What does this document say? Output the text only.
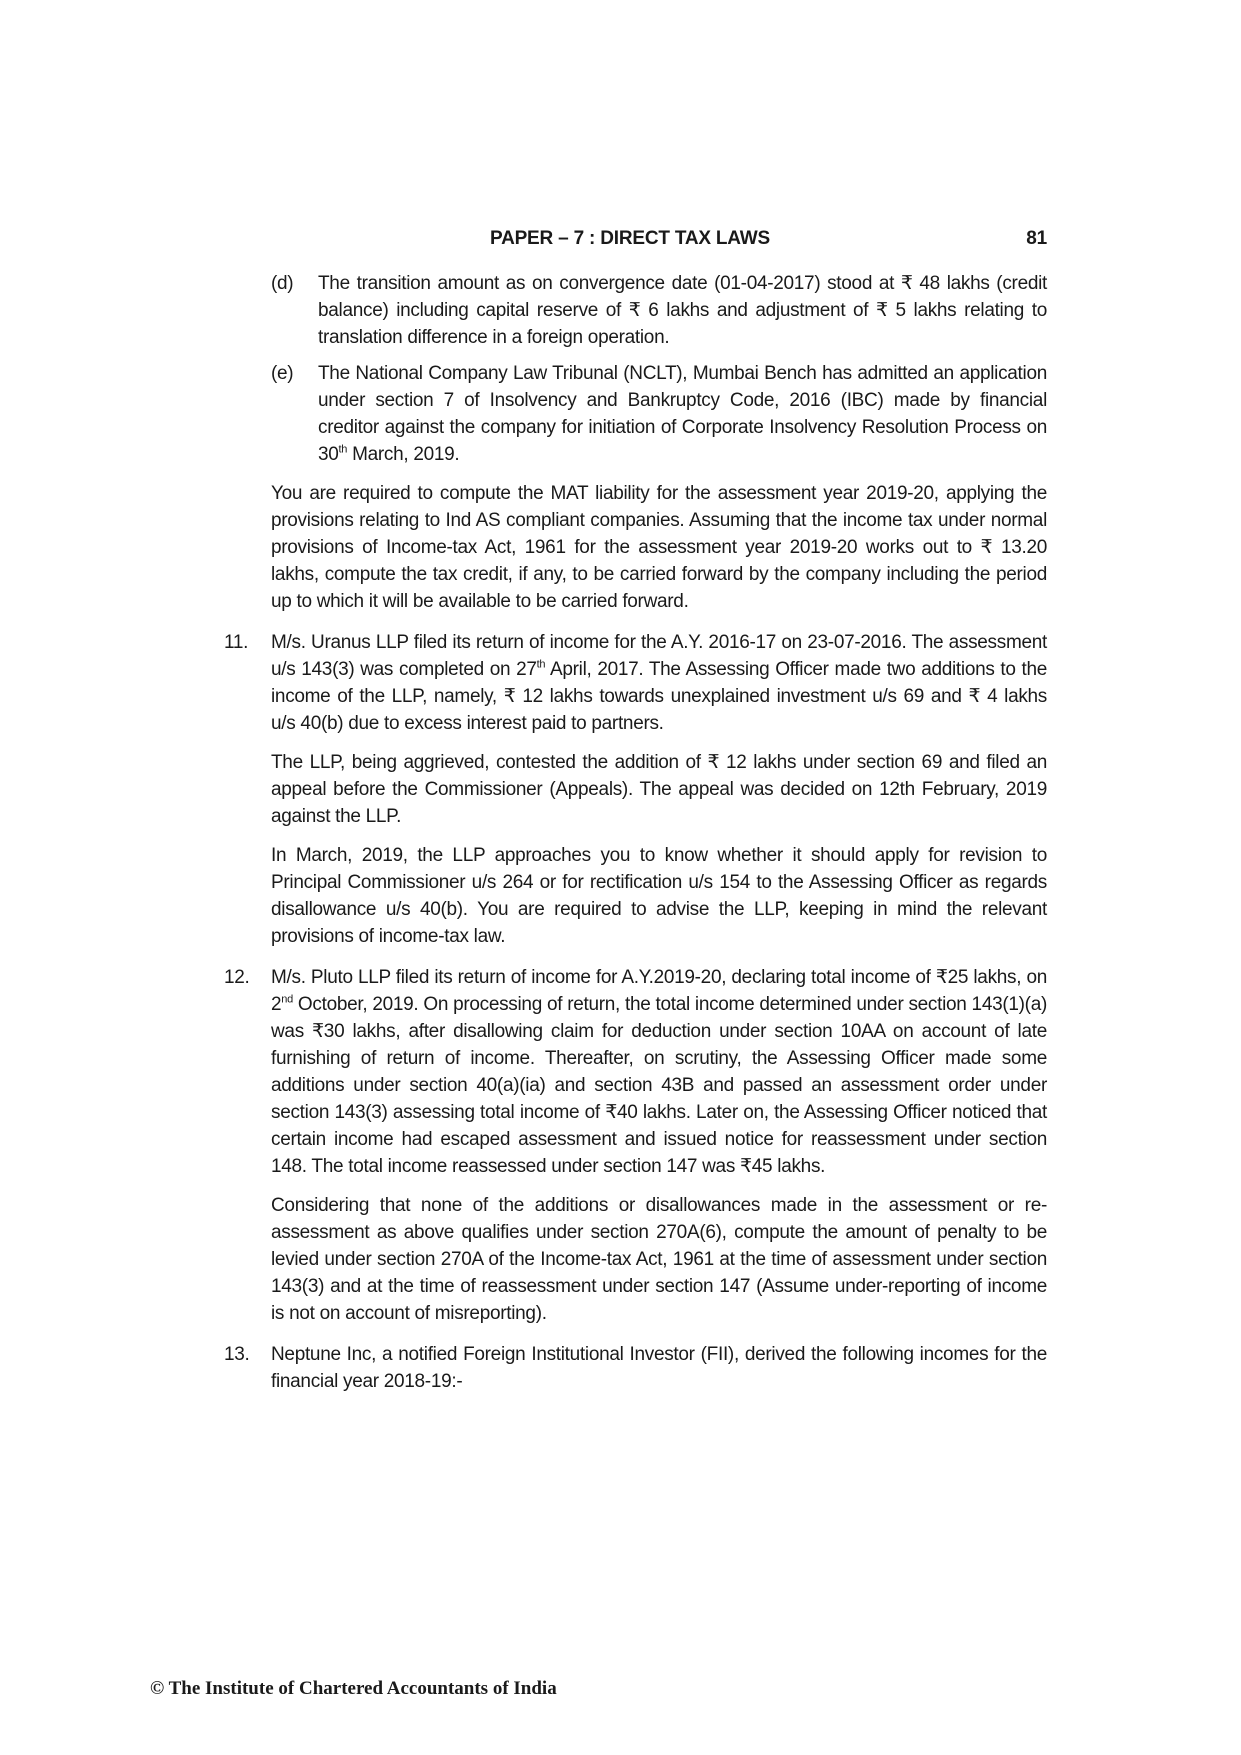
PAPER – 7 : DIRECT TAX LAWS	81
(d) The transition amount as on convergence date (01-04-2017) stood at ₹ 48 lakhs (credit balance) including capital reserve of ₹ 6 lakhs and adjustment of ₹ 5 lakhs relating to translation difference in a foreign operation.
(e) The National Company Law Tribunal (NCLT), Mumbai Bench has admitted an application under section 7 of Insolvency and Bankruptcy Code, 2016 (IBC) made by financial creditor against the company for initiation of Corporate Insolvency Resolution Process on 30th March, 2019.

You are required to compute the MAT liability for the assessment year 2019-20, applying the provisions relating to Ind AS compliant companies. Assuming that the income tax under normal provisions of Income-tax Act, 1961 for the assessment year 2019-20 works out to ₹ 13.20 lakhs, compute the tax credit, if any, to be carried forward by the company including the period up to which it will be available to be carried forward.

11. M/s. Uranus LLP filed its return of income for the A.Y. 2016-17 on 23-07-2016. The assessment u/s 143(3) was completed on 27th April, 2017. The Assessing Officer made two additions to the income of the LLP, namely, ₹ 12 lakhs towards unexplained investment u/s 69 and ₹ 4 lakhs u/s 40(b) due to excess interest paid to partners.

The LLP, being aggrieved, contested the addition of ₹ 12 lakhs under section 69 and filed an appeal before the Commissioner (Appeals). The appeal was decided on 12th February, 2019 against the LLP.

In March, 2019, the LLP approaches you to know whether it should apply for revision to Principal Commissioner u/s 264 or for rectification u/s 154 to the Assessing Officer as regards disallowance u/s 40(b). You are required to advise the LLP, keeping in mind the relevant provisions of income-tax law.

12. M/s. Pluto LLP filed its return of income for A.Y.2019-20, declaring total income of ₹25 lakhs, on 2nd October, 2019. On processing of return, the total income determined under section 143(1)(a) was ₹30 lakhs, after disallowing claim for deduction under section 10AA on account of late furnishing of return of income. Thereafter, on scrutiny, the Assessing Officer made some additions under section 40(a)(ia) and section 43B and passed an assessment order under section 143(3) assessing total income of ₹40 lakhs. Later on, the Assessing Officer noticed that certain income had escaped assessment and issued notice for reassessment under section 148. The total income reassessed under section 147 was ₹45 lakhs.

Considering that none of the additions or disallowances made in the assessment or re-assessment as above qualifies under section 270A(6), compute the amount of penalty to be levied under section 270A of the Income-tax Act, 1961 at the time of assessment under section 143(3) and at the time of reassessment under section 147 (Assume under-reporting of income is not on account of misreporting).

13. Neptune Inc, a notified Foreign Institutional Investor (FII), derived the following incomes for the financial year 2018-19:-

© The Institute of Chartered Accountants of India
